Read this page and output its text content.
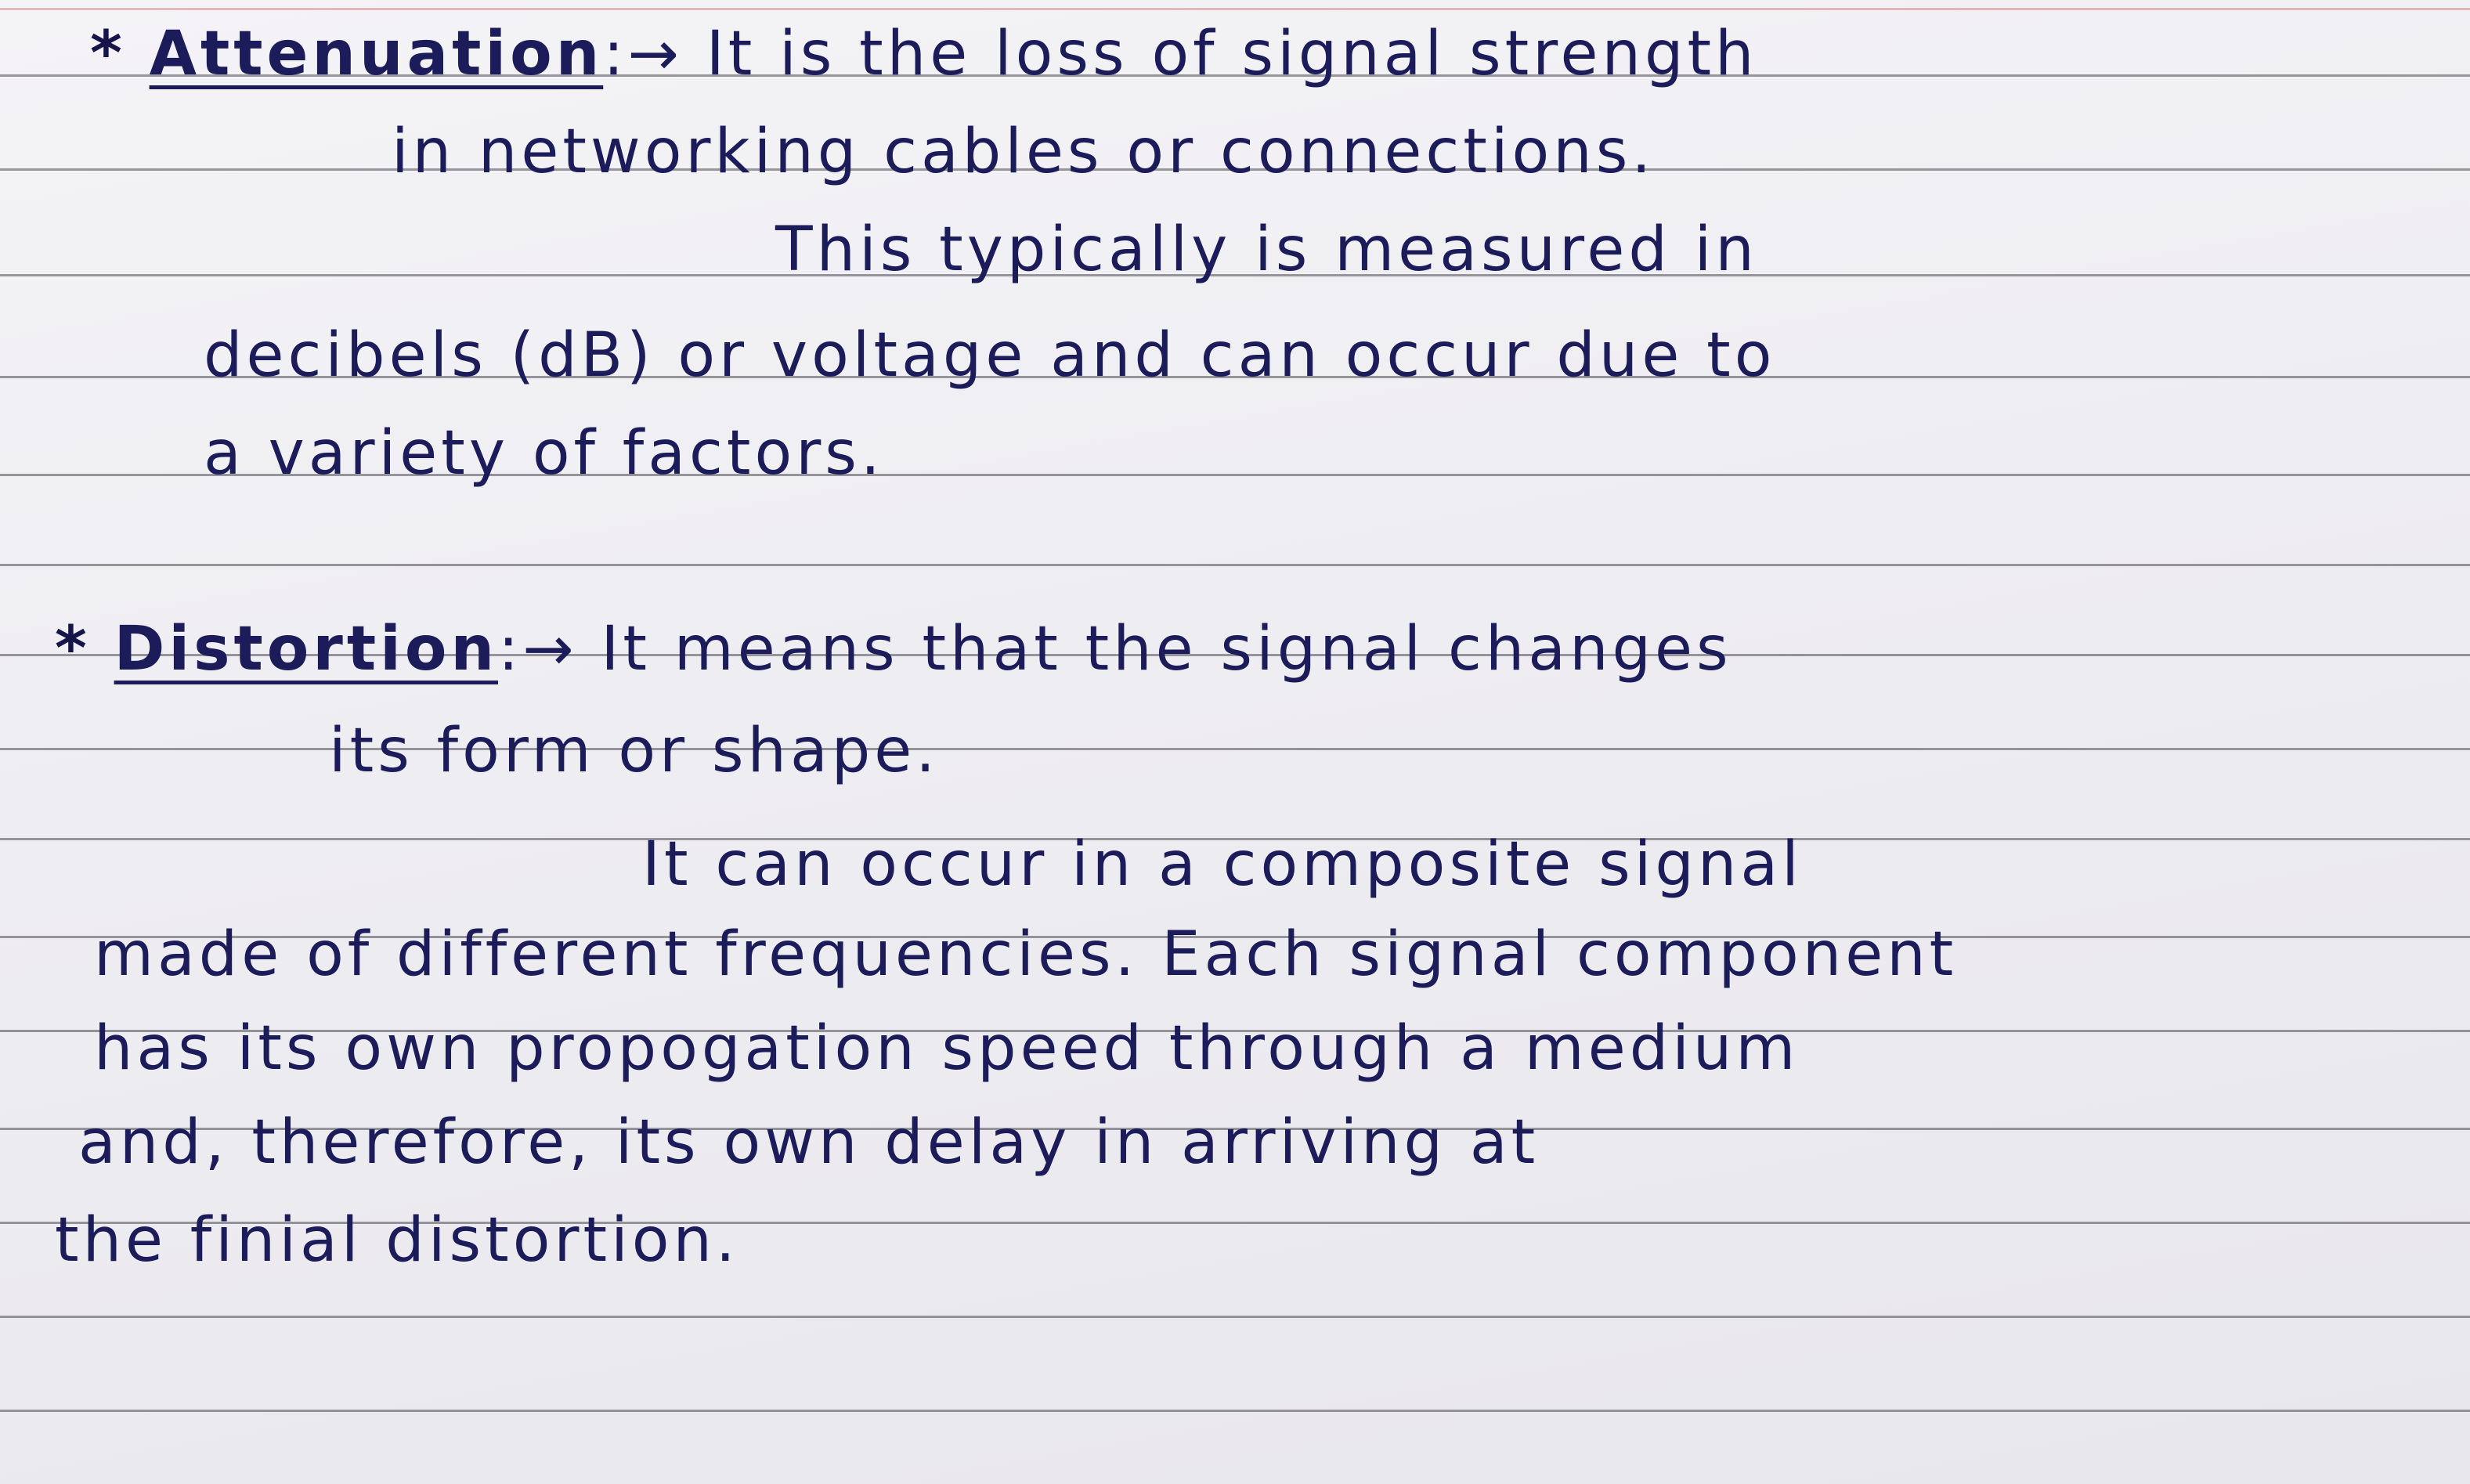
* Attenuation:→ It is the loss of signal strength
in networking cables or connections.
This typically is measured in
decibels (dB) or voltage and can occur due to
a variety of factors.
* Distortion:→ It means that the signal changes
its form or shape.
It can occur in a composite signal
made of different frequencies. Each signal component
has its own propogation speed through a medium
and, therefore, its own delay in arriving at
the finial distortion.
